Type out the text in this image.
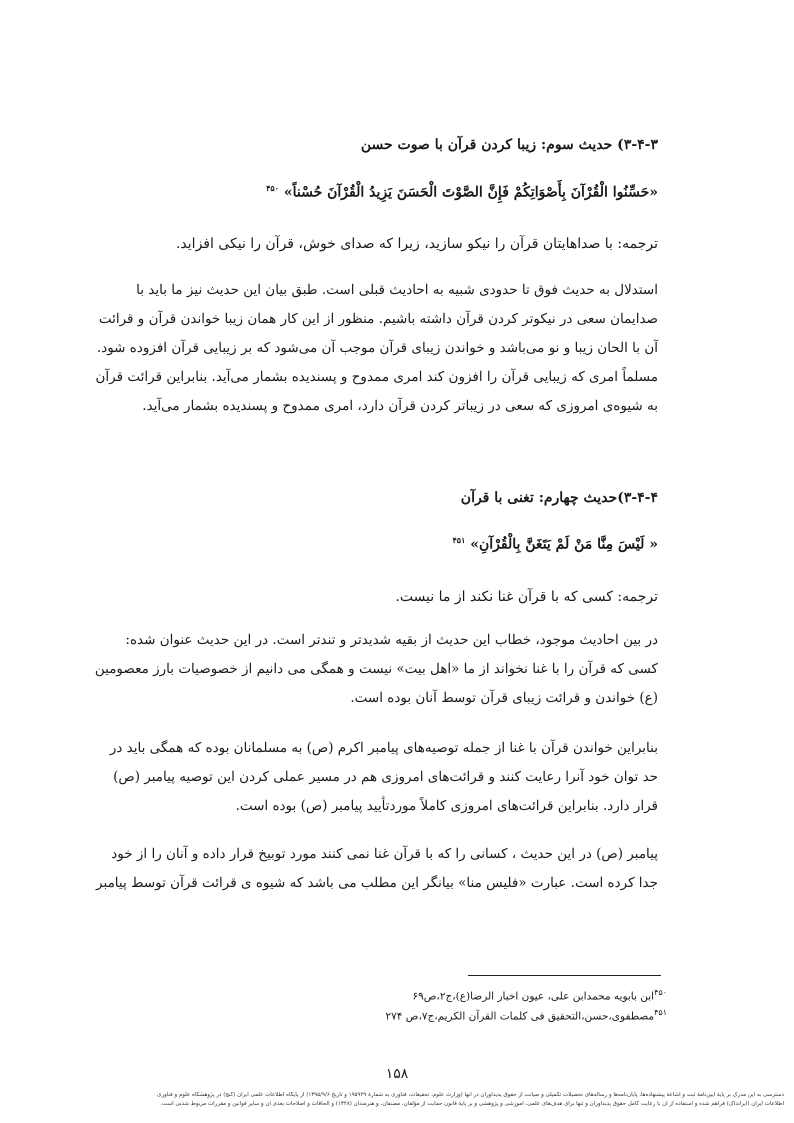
۳-۴-۳) حدیث سوم: زیبا کردن قرآن با صوت حسن
«حَسِّنُوا الْقُرْآنَ بِأَصْوَاتِكُمْ فَإِنَّ الصَّوْتَ الْحَسَنَ يَزِيدُ الْقُرْآنَ حُسْناً» $^{۴۵۰}$
ترجمه: با صداهایتان قرآن را نیکو سازید، زیرا که صدای خوش، قرآن را نیکی افزاید.
استدلال به حدیث فوق تا حدودی شبیه به احادیث قبلی است. طبق بیان این حدیث نیز ما باید با
صدایمان سعی در نیکوتر کردن قرآن داشته باشیم. منظور از این کار همان زیبا خواندن قرآن و قرائت
آن با الحان زیبا و نو می‌باشد و خواندن زیبای قرآن موجب آن می‌شود که بر زیبایی قرآن افزوده شود.
مسلماً امری که زیبایی قرآن را افزون کند امری ممدوح و پسندیده بشمار می‌آید. بنابراین قرائت قرآن
به شیوه‌ی امروزی که سعی در زیباتر کردن قرآن دارد، امری ممدوح و پسندیده بشمار می‌آید.
۳-۴-۴)حدیث چهارم: تغنی با قرآن
« لَيْسَ مِنَّا مَنْ لَمْ يَتَغَنَّ بِالْقُرْآنِ» $^{۴۵۱}$
ترجمه: کسی که با قرآن غنا نکند از ما نیست.
در بین احادیث موجود، خطاب این حدیث از بقیه شدیدتر و تندتر است. در این حدیث عنوان شده:
کسی که قرآن را با غنا نخواند از ما «اهل بیت» نیست و همگی می دانیم از خصوصیات بارز معصومین
(ع) خواندن و قرائت زیبای قرآن توسط آنان بوده است.
بنابراین خواندن قرآن با غنا از جمله توصیه‌های پیامبر اکرم (ص) به مسلمانان بوده که همگی باید در
حد توان خود آنرا رعایت کنند و قرائت‌های امروزی هم در مسیر عملی کردن این توصیه پیامبر (ص)
قرار دارد. بنابراین قرائت‌های امروزی کاملاً موردتأیید پیامبر (ص) بوده است.
پیامبر (ص) در این حدیث ، کسانی را که با قرآن غنا نمی کنند مورد توبیخ قرار داده و آنان را از خود
جدا کرده است. عبارت «فلیس منا» بیانگر این مطلب می باشد که شیوه ی قرائت قرآن توسط پیامبر
$^{۴۵۰}$ابن بابویه محمدابن علی، عیون اخبار الرضا(ع)،ج۲،ص۶۹
$^{۴۵۱}$مصطفوی،حسن،التحقیق فی کلمات القرآن الکریم،ج۷،ص ۲۷۴
۱۵۸
دسترسی به این مدرک بر پایهٔ آیین‌نامهٔ ثبت و اشاعهٔ پیشنهاده‌ها، پایان‌نامه‌ها و رساله‌های تحصیلات تکمیلی و صیانت از حقوق پدیدآوران در آنها (وزارت علوم، تحقیقات، فناوری به شمارهٔ ۱۹۵۹۲۹ و تاریخ ۱۳۹۵/۹/۶) از پایگاه اطلاعات علمی ایران (گنج) در پژوهشگاه علوم و فناوری
اطلاعات ایران (ایرانداک) فراهم شده و استفاده از آن با رعایت کامل حقوق پدیدآوران و تنها برای هدف‌های علمی، آموزشی و پژوهشی و بر پایهٔ قانون حمایت از مؤلفان، مصنفان، و هنرمندان (۱۳۴۸) و الحاقات و اصلاحات بعدی آن و سایر قوانین و مقررات مربوط شدنی است.
